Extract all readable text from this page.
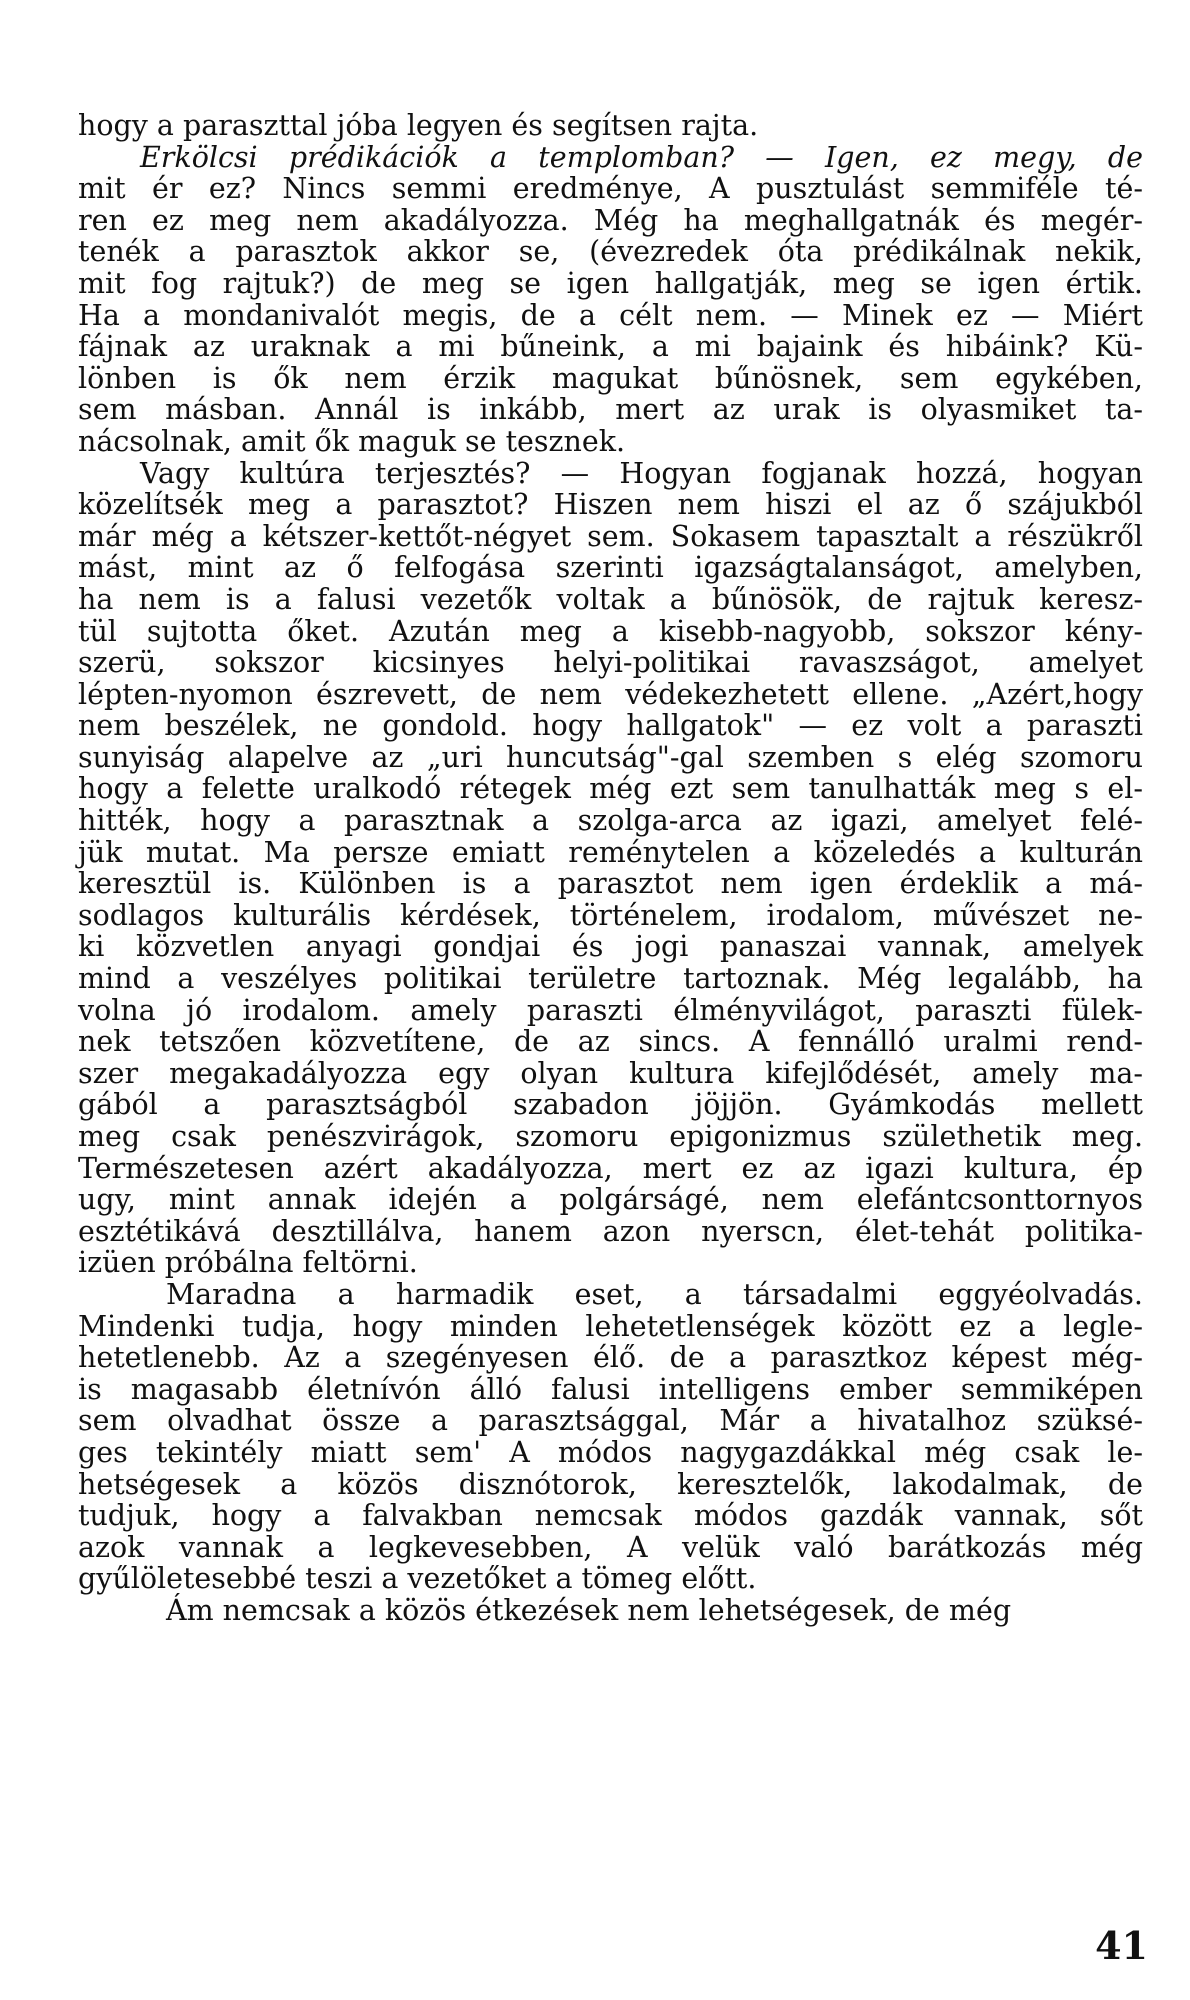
hogy a paraszttal jóba legyen és segítsen rajta.

Erkölcsi prédikációk a templomban? — Igen, ez megy, de
mit ér ez? Nincs semmi eredménye, A pusztulást semmiféle té-
ren ez meg nem akadályozza. Még ha meghallgatnák és megér-
tenék a parasztok akkor se, (évezredek óta prédikálnak nekik,
mit fog rajtuk?) de meg se igen hallgatják, meg se igen értik.
Ha a mondanivalót megis, de a célt nem. — Minek ez — Miért
fájnak az uraknak a mi bűneink, a mi bajaink és hibáink? Kü-
lönben is ők nem érzik magukat bűnösnek, sem egykében,
sem másban. Annál is inkább, mert az urak is olyasmiket ta-
nácsolnak, amit ők maguk se tesznek.

Vagy kultúra terjesztés? — Hogyan fogjanak hozzá, hogyan
közelítsék meg a parasztot? Hiszen nem hiszi el az ő szájukból
már még a kétszer-kettőt-négyet sem. Sokasem tapasztalt a részükről
mást, mint az ő felfogása szerinti igazságtalanságot, amelyben,
ha nem is a falusi vezetők voltak a bűnösök, de rajtuk keresz-
tül sujtotta őket. Azután meg a kisebb-nagyobb, sokszor kény-
szerü, sokszor kicsinyes helyi-politikai ravaszságot, amelyet
lépten-nyomon észrevett, de nem védekezhetett ellene. „Azért,hogy
nem beszélek, ne gondold. hogy hallgatok" — ez volt a paraszti
sunyiság alapelve az „uri huncutság"-gal szemben s elég szomoru
hogy a felette uralkodó rétegek még ezt sem tanulhatták meg s el-
hitték, hogy a parasztnak a szolga-arca az igazi, amelyet felé-
jük mutat. Ma persze emiatt reménytelen a közeledés a kulturán
keresztül is. Különben is a parasztot nem igen érdeklik a má-
sodlagos kulturális kérdések, történelem, irodalom, művészet ne-
ki közvetlen anyagi gondjai és jogi panaszai vannak, amelyek
mind a veszélyes politikai területre tartoznak. Még legalább, ha
volna jó irodalom. amely paraszti élményvilágot, paraszti fülek-
nek tetszően közvetítene, de az sincs. A fennálló uralmi rend-
szer megakadályozza egy olyan kultura kifejlődését, amely ma-
gából a parasztságból szabadon jöjjön. Gyámkodás mellett
meg csak penészvirágok, szomoru epigonizmus születhetik meg.
Természetesen azért akadályozza, mert ez az igazi kultura, ép
ugy, mint annak idején a polgárságé, nem elefántcsonttornyos
esztétikává desztillálva, hanem azon nyerscn, élet-tehát politika-
izüen próbálna feltörni.

Maradna a harmadik eset, a társadalmi eggyéolvadás.
Mindenki tudja, hogy minden lehetetlenségek között ez a legle-
hetetlenebb. Az a szegényesen élő. de a parasztkoz képest még-
is magasabb életnívón álló falusi intelligens ember semmiképen
sem olvadhat össze a parasztsággal, Már a hivatalhoz szüksé-
ges tekintély miatt sem' A módos nagygazdákkal még csak le-
hetségesek a közös disznótorok, keresztelők, lakodalmak, de
tudjuk, hogy a falvakban nemcsak módos gazdák vannak, sőt
azok vannak a legkevesebben, A velük való barátkozás még
gyűlöletesebbé teszi a vezetőket a tömeg előtt.

Ám nemcsak a közös étkezések nem lehetségesek, de még

41
